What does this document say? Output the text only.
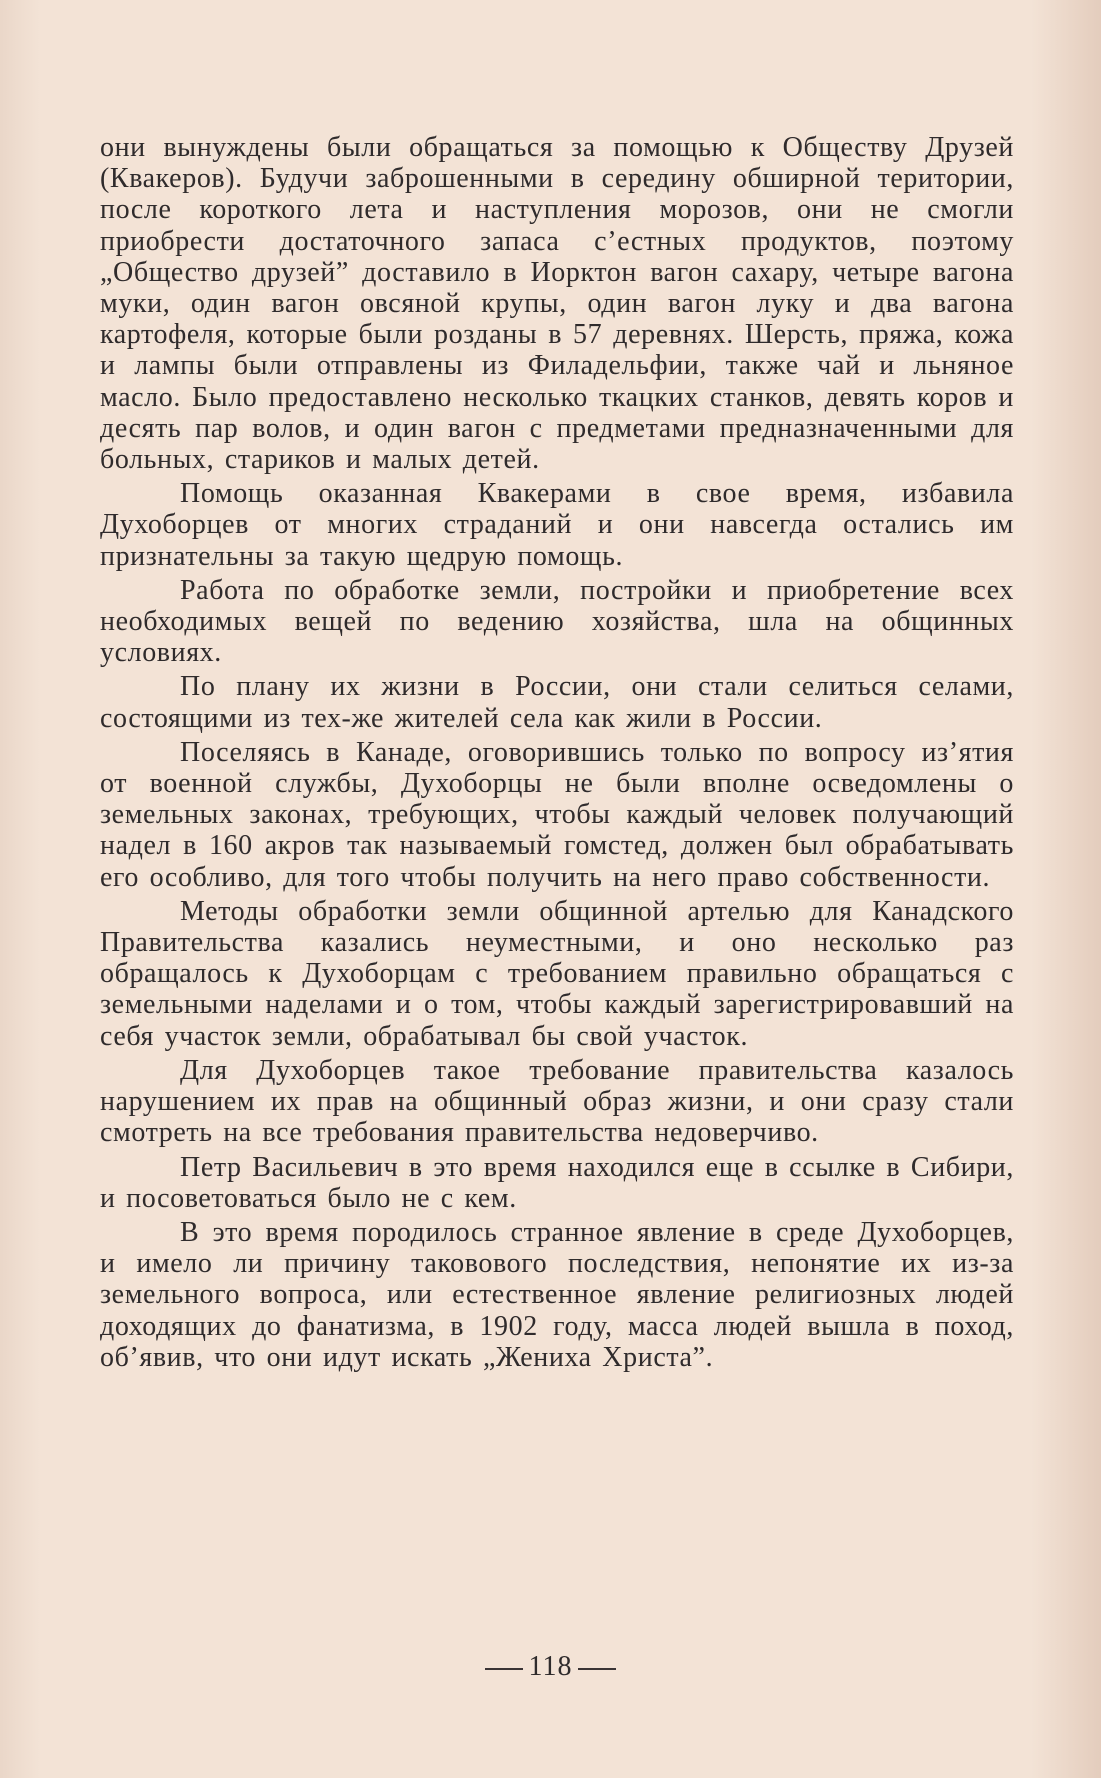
они вынуждены были обращаться за помощью к Обществу Друзей (Квакеров). Будучи заброшенными в середину обширной територии, после короткого лета и наступления морозов, они не смогли приобрести достаточного запаса с’естных продуктов, поэтому „Общество друзей” доставило в Иорктон вагон сахару, четыре вагона муки, один вагон овсяной крупы, один вагон луку и два вагона картофеля, которые были розданы в 57 деревнях. Шерсть, пряжа, кожа и лампы были отправлены из Филадельфии, также чай и льняное масло. Было предоставлено несколько ткацких станков, девять коров и десять пар волов, и один вагон с предметами предназначенными для больных, стариков и малых детей.

Помощь оказанная Квакерами в свое время, избавила Духоборцев от многих страданий и они навсегда остались им признательны за такую щедрую помощь.

Работа по обработке земли, постройки и приобретение всех необходимых вещей по ведению хозяйства, шла на общинных условиях.

По плану их жизни в России, они стали селиться селами, состоящими из тех-же жителей села как жили в России.

Поселяясь в Канаде, оговорившись только по вопросу из’ятия от военной службы, Духоборцы не были вполне осведомлены о земельных законах, требующих, чтобы каждый человек получающий надел в 160 акров так называемый гомстед, должен был обрабатывать его особливо, для того чтобы получить на него право собственности.

Методы обработки земли общинной артелью для Канадского Правительства казались неуместными, и оно несколько раз обращалось к Духоборцам с требованием правильно обращаться с земельными наделами и о том, чтобы каждый зарегистрировавший на себя участок земли, обрабатывал бы свой участок.

Для Духоборцев такое требование правительства казалось нарушением их прав на общинный образ жизни, и они сразу стали смотреть на все требования правительства недоверчиво.

Петр Васильевич в это время находился еще в ссылке в Сибири, и посоветоваться было не с кем.

В это время породилось странное явление в среде Духоборцев, и имело ли причину таковового последствия, непонятие их из-за земельного вопроса, или естественное явление религиозных людей доходящих до фанатизма, в 1902 году, масса людей вышла в поход, об’явив, что они идут искать „Жениха Христа”.

118
